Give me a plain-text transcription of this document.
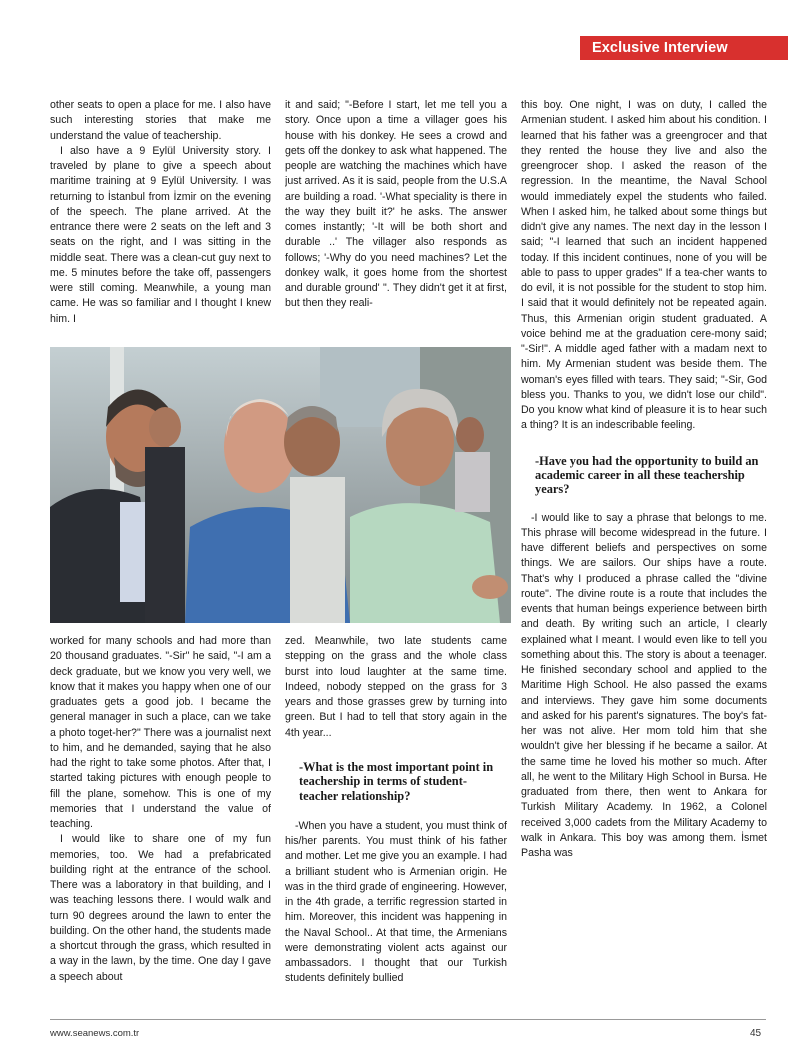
Exclusive Interview

other seats to open a place for me. I also have such interesting stories that make me understand the value of teachership.

I also have a 9 Eylül University story. I traveled by plane to give a speech about maritime training at 9 Eylül University. I was returning to İstanbul from İzmir on the evening of the speech. The plane arrived. At the entrance there were 2 seats on the left and 3 seats on the right, and I was sitting in the middle seat. There was a clean-cut guy next to me. 5 minutes before the take off, passengers were still coming. Meanwhile, a young man came. He was so familiar and I thought I knew him. I

it and said; "-Before I start, let me tell you a story. Once upon a time a villager goes his house with his donkey. He sees a crowd and gets off the donkey to ask what happened. The people are watching the machines which have just arrived. As it is said, people from the U.S.A are building a road. '-What speciality is there in the way they built it?' he asks. The answer comes instantly; '-It will be both short and durable ..' The villager also responds as follows; '-Why do you need machines? Let the donkey walk, it goes home from the shortest and durable ground' ". They didn't get it at first, but then they reali-

this boy. One night, I was on duty, I called the Armenian student. I asked him about his condition. I learned that his father was a greengrocer and that they rented the house they live and also the greengrocer shop. I asked the reason of the regression. In the meantime, the Naval School would immediately expel the students who failed. When I asked him, he talked about some things but didn't give any names. The next day in the lesson I said; "-I learned that such an incident happened today. If this incident continues, none of you will be able to pass to upper grades" If a tea-cher wants to do evil, it is not possible for the student to stop him. I said that it would definitely not be repeated again. Thus, this Armenian origin student graduated. A voice behind me at the graduation cere-mony said; "-Sir!". A middle aged father with a madam next to him. My Armenian student was beside them. The woman's eyes filled with tears. They said; "-Sir, God bless you. Thanks to you, we didn't lose our child". Do you know what kind of pleasure it is to hear such a thing? It is an indescribable feeling.

-Have you had the opportunity to build an academic career in all these teachership years?

-I would like to say a phrase that belongs to me. This phrase will become widespread in the future. I have different beliefs and perspectives on some things. We are sailors. Our ships have a route. That's why I produced a phrase called the "divine route". The divine route is a route that includes the events that human beings experience between birth and death. By writing such an article, I clearly explained what I meant. I would even like to tell you something about this. The story is about a teenager. He finished secondary school and applied to the Maritime High School. He also passed the exams and interviews. They gave him some documents and asked for his parent's signatures. The boy's fat-her was not alive. Her mom told him that she wouldn't give her blessing if he became a sailor. At the same time he loved his mother so much. After all, he went to the Military High School in Bursa. He graduated from there, then went to Ankara for Turkish Military Academy. In 1962, a Colonel received 3,000 cadets from the Military Academy to walk in Ankara. This boy was among them. İsmet Pasha was

worked for many schools and had more than 20 thousand graduates. "-Sir" he said, "-I am a deck graduate, but we know you very well, we know that it makes you happy when one of our graduates gets a good job. I became the general manager in such a place, can we take a photo toget-her?" There was a journalist next to him, and he demanded, saying that he also had the right to take some photos. After that, I started taking pictures with enough people to fill the plane, somehow. This is one of my memories that I understand the value of teaching.

I would like to share one of my fun memories, too. We had a prefabricated building right at the entrance of the school. There was a laboratory in that building, and I was teaching lessons there. I would walk and turn 90 degrees around the lawn to enter the building. On the other hand, the students made a shortcut through the grass, which resulted in a way in the lawn, by the time. One day I gave a speech about

zed. Meanwhile, two late students came stepping on the grass and the whole class burst into loud laughter at the same time. Indeed, nobody stepped on the grass for 3 years and those grasses grew by turning into green. But I had to tell that story again in the 4th year...

-What is the most important point in teachership in terms of student-teacher relationship?

-When you have a student, you must think of his/her parents. You must think of his father and mother. Let me give you an example. I had a brilliant student who is Armenian origin. He was in the third grade of engineering. However, in the 4th grade, a terrific regression started in him. Moreover, this incident was happening in the Naval School.. At that time, the Armenians were demonstrating violent acts against our ambassadors. I thought that our Turkish students definitely bullied

www.seanews.com.tr	45
